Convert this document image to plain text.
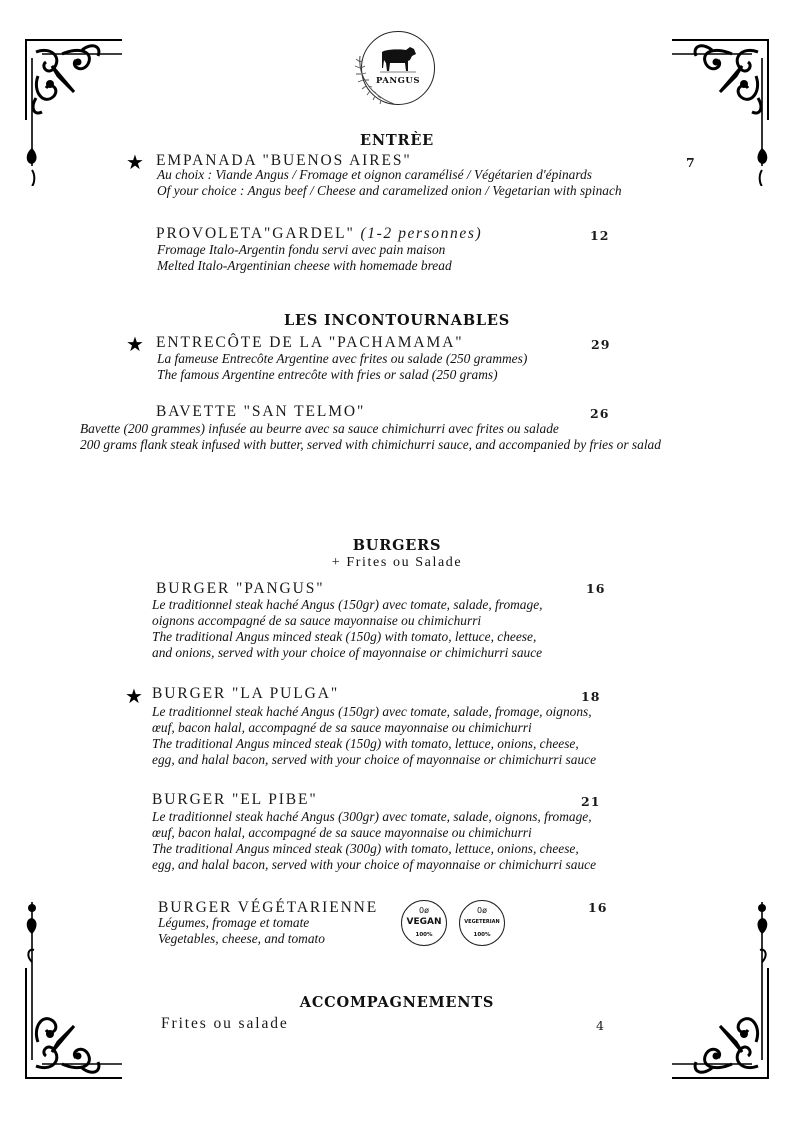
PANGUS
ENTRÈE
★ EMPANADA "BUENOS AIRES"	7
Au choix : Viande Angus / Fromage et oignon caramélisé / Végétarien d'épinards
Of your choice : Angus beef / Cheese and caramelized onion / Vegetarian with spinach
PROVOLETA"GARDEL" (1-2 personnes)	12
Fromage Italo-Argentin fondu servi avec pain maison
Melted Italo-Argentinian cheese with homemade bread
LES INCONTOURNABLES
★ ENTRECÔTE DE LA "PACHAMAMA"	29
La fameuse Entrecôte Argentine avec frites ou salade (250 grammes)
The famous Argentine entrecôte with fries or salad (250 grams)
BAVETTE "SAN TELMO"	26
Bavette (200 grammes) infusée au beurre avec sa sauce chimichurri avec frites ou salade
200 grams flank steak infused with butter, served with chimichurri sauce, and accompanied by fries or salad
BURGERS
+ Frites ou Salade
BURGER "PANGUS"	16
Le traditionnel steak haché Angus (150gr) avec tomate, salade, fromage,
oignons accompagné de sa sauce mayonnaise ou chimichurri
The traditional Angus minced steak (150g) with tomato, lettuce, cheese,
and onions, served with your choice of mayonnaise or chimichurri sauce
★ BURGER "LA PULGA"	18
Le traditionnel steak haché Angus (150gr) avec tomate, salade, fromage, oignons,
œuf, bacon halal, accompagné de sa sauce mayonnaise ou chimichurri
The traditional Angus minced steak (150g) with tomato, lettuce, onions, cheese,
egg, and halal bacon, served with your choice of mayonnaise or chimichurri sauce
BURGER "EL PIBE"	21
Le traditionnel steak haché Angus (300gr) avec tomate, salade, oignons, fromage,
œuf, bacon halal, accompagné de sa sauce mayonnaise ou chimichurri
The traditional Angus minced steak (300g) with tomato, lettuce, onions, cheese,
egg, and halal bacon, served with your choice of mayonnaise or chimichurri sauce
BURGER VÉGÉTARIENNE	16
Légumes, fromage et tomate
Vegetables, cheese, and tomato
0ø
VEGAN
100%
0ø
VEGETERIAN
100%
ACCOMPAGNEMENTS
Frites ou salade	4
